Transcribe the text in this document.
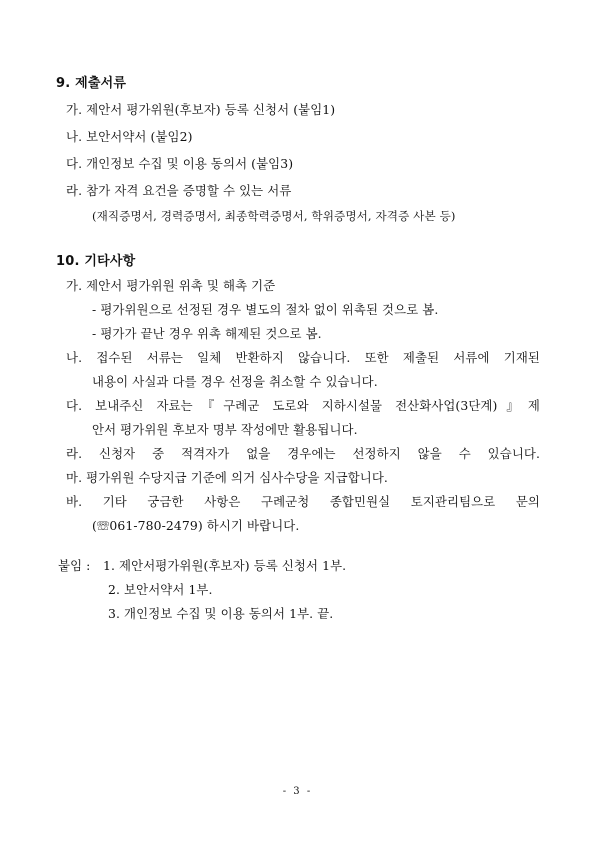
9. 제출서류
가. 제안서 평가위원(후보자) 등록 신청서 (붙임1)
나. 보안서약서 (붙임2)
다. 개인정보 수집 및 이용 동의서 (붙임3)
라. 참가 자격 요건을 증명할 수 있는 서류
(재직증명서, 경력증명서, 최종학력증명서, 학위증명서, 자격증 사본 등)
10. 기타사항
가. 제안서 평가위원 위촉 및 해촉 기준
- 평가위원으로 선정된 경우 별도의 절차 없이 위촉된 것으로 봄.
- 평가가 끝난 경우 위촉 해제된 것으로 봄.
나. 접수된 서류는 일체 반환하지 않습니다. 또한 제출된 서류에 기재된
내용이 사실과 다를 경우 선정을 취소할 수 있습니다.
다. 보내주신 자료는『구례군 도로와 지하시설물 전산화사업(3단계)』제
안서 평가위원 후보자 명부 작성에만 활용됩니다.
라. 신청자 중 적격자가 없을 경우에는 선정하지 않을 수 있습니다.
마. 평가위원 수당지급 기준에 의거 심사수당을 지급합니다.
바. 기타 궁금한 사항은 구례군청 종합민원실 토지관리팀으로 문의
(☏061-780-2479) 하시기 바랍니다.
붙임 : 1. 제안서평가위원(후보자) 등록 신청서 1부.
2. 보안서약서 1부.
3. 개인정보 수집 및 이용 동의서 1부. 끝.
- 3 -
